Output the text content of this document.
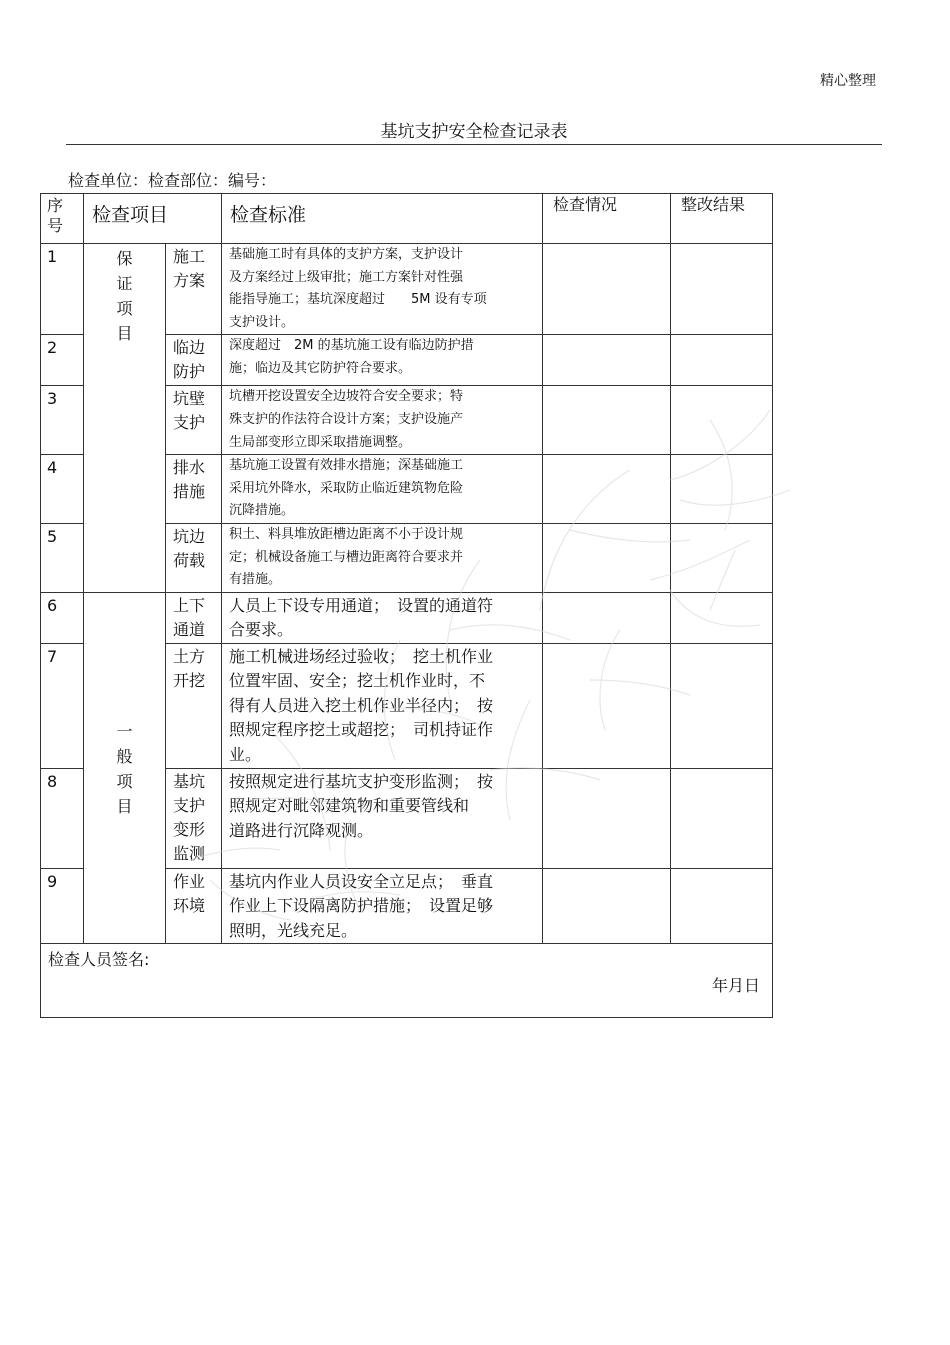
精心整理
基坑支护安全检查记录表
检查单位：检查部位：编号：
序
号	检查项目		检查标准	检查情况	整改结果

1	保
证
项
目	施工
方案	基础施工时有具体的支护方案，支护设计
及方案经过上级审批；施工方案针对性强
能指导施工；基坑深度超过　　5M 设有专项
支护设计。		

2		临边
防护	深度超过　2M 的基坑施工设有临边防护措
施；临边及其它防护符合要求。		

3		坑壁
支护	坑槽开挖设置安全边坡符合安全要求；特
殊支护的作法符合设计方案；支护设施产
生局部变形立即采取措施调整。		

4		排水
措施	基坑施工设置有效排水措施；深基础施工
采用坑外降水，采取防止临近建筑物危险
沉降措施。		

5		坑边
荷载	积土、料具堆放距槽边距离不小于设计规
定；机械设备施工与槽边距离符合要求并
有措施。		

6	一
般
项
目	上下
通道	人员上下设专用通道；　设置的通道符
合要求。		

7		土方
开挖	施工机械进场经过验收；　挖土机作业
位置牢固、安全；挖土机作业时，不
得有人员进入挖土机作业半径内；　按
照规定程序挖土或超挖；　司机持证作
业。		

8		基坑
支护
变形
监测	按照规定进行基坑支护变形监测；　按
照规定对毗邻建筑物和重要管线和
道路进行沉降观测。		

9		作业
环境	基坑内作业人员设安全立足点；　垂直
作业上下设隔离防护措施；　设置足够
照明，光线充足。		

检查人员签名:
年月日					
